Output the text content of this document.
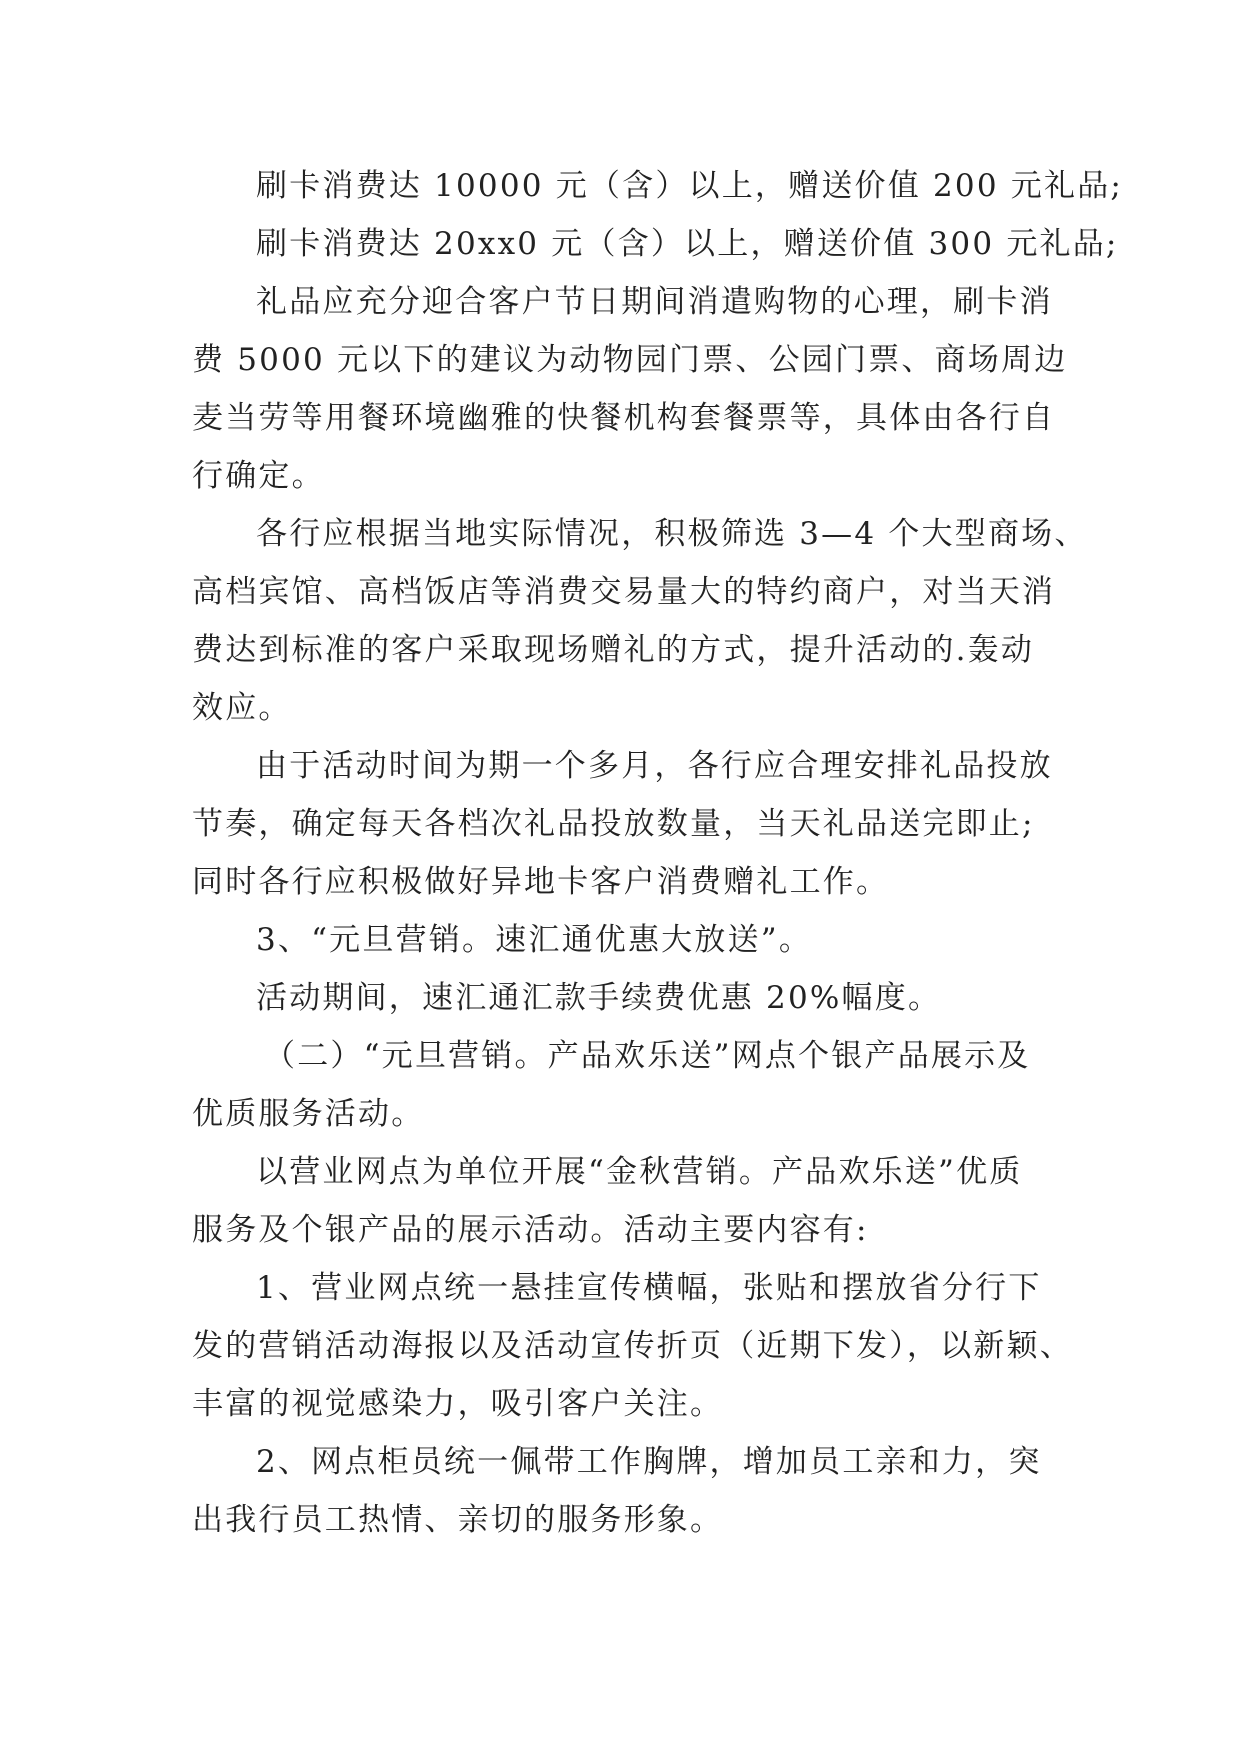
刷卡消费达 10000 元（含）以上，赠送价值 200 元礼品;
刷卡消费达 20xx0 元（含）以上，赠送价值 300 元礼品;
礼品应充分迎合客户节日期间消遣购物的心理，刷卡消
费 5000 元以下的建议为动物园门票、公园门票、商场周边
麦当劳等用餐环境幽雅的快餐机构套餐票等，具体由各行自
行确定。
各行应根据当地实际情况，积极筛选 3—4 个大型商场、
高档宾馆、高档饭店等消费交易量大的特约商户，对当天消
费达到标准的客户采取现场赠礼的方式，提升活动的.轰动
效应。
由于活动时间为期一个多月，各行应合理安排礼品投放
节奏，确定每天各档次礼品投放数量，当天礼品送完即止;
同时各行应积极做好异地卡客户消费赠礼工作。
3、“元旦营销。速汇通优惠大放送”。
活动期间，速汇通汇款手续费优惠 20%幅度。
（二）“元旦营销。产品欢乐送”网点个银产品展示及
优质服务活动。
以营业网点为单位开展“金秋营销。产品欢乐送”优质
服务及个银产品的展示活动。活动主要内容有:
1、营业网点统一悬挂宣传横幅，张贴和摆放省分行下
发的营销活动海报以及活动宣传折页（近期下发），以新颖、
丰富的视觉感染力，吸引客户关注。
2、网点柜员统一佩带工作胸牌，增加员工亲和力，突
出我行员工热情、亲切的服务形象。
